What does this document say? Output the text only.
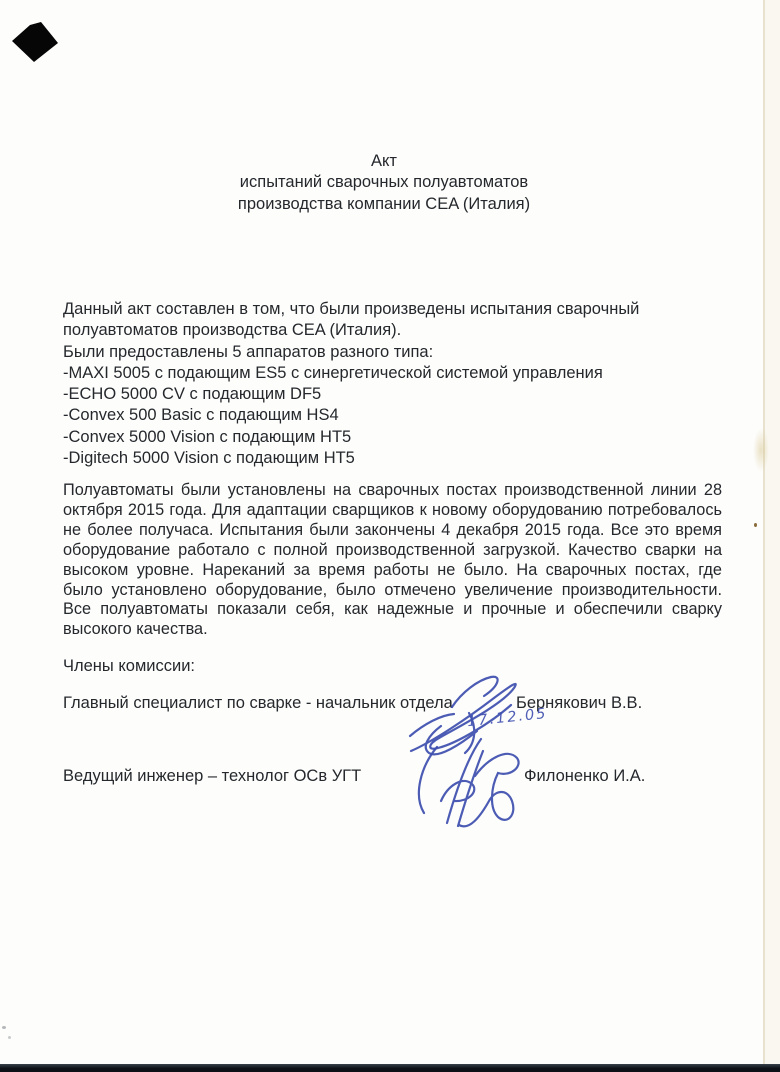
Акт
испытаний сварочных полуавтоматов
производства компании CEA (Италия)
Данный акт составлен в том, что были произведены испытания сварочный
полуавтоматов производства CEA (Италия).
Были предоставлены 5 аппаратов разного типа:
-MAXI 5005 с подающим ES5 с синергетической системой управления
-ECHO 5000 CV с подающим DF5
-Convex 500 Basic с подающим HS4
-Convex 5000 Vision с подающим HT5
-Digitech 5000 Vision с подающим HT5
Полуавтоматы были установлены на сварочных постах производственной линии 28 октября 2015 года. Для адаптации сварщиков к новому оборудованию потребовалось не более получаса. Испытания были закончены 4 декабря 2015 года. Все это время оборудование работало с полной производственной загрузкой. Качество сварки на высоком уровне. Нареканий за время работы не было. На сварочных постах, где было установлено оборудование, было отмечено увеличение производительности. Все полуавтоматы показали себя, как надежные и прочные и обеспечили сварку высокого качества.
Члены комиссии:
Главный специалист по сварке - начальник отдела	Бернякович В.В.
17.12.05
Ведущий инженер – технолог ОСв УГТ	Филоненко И.А.
